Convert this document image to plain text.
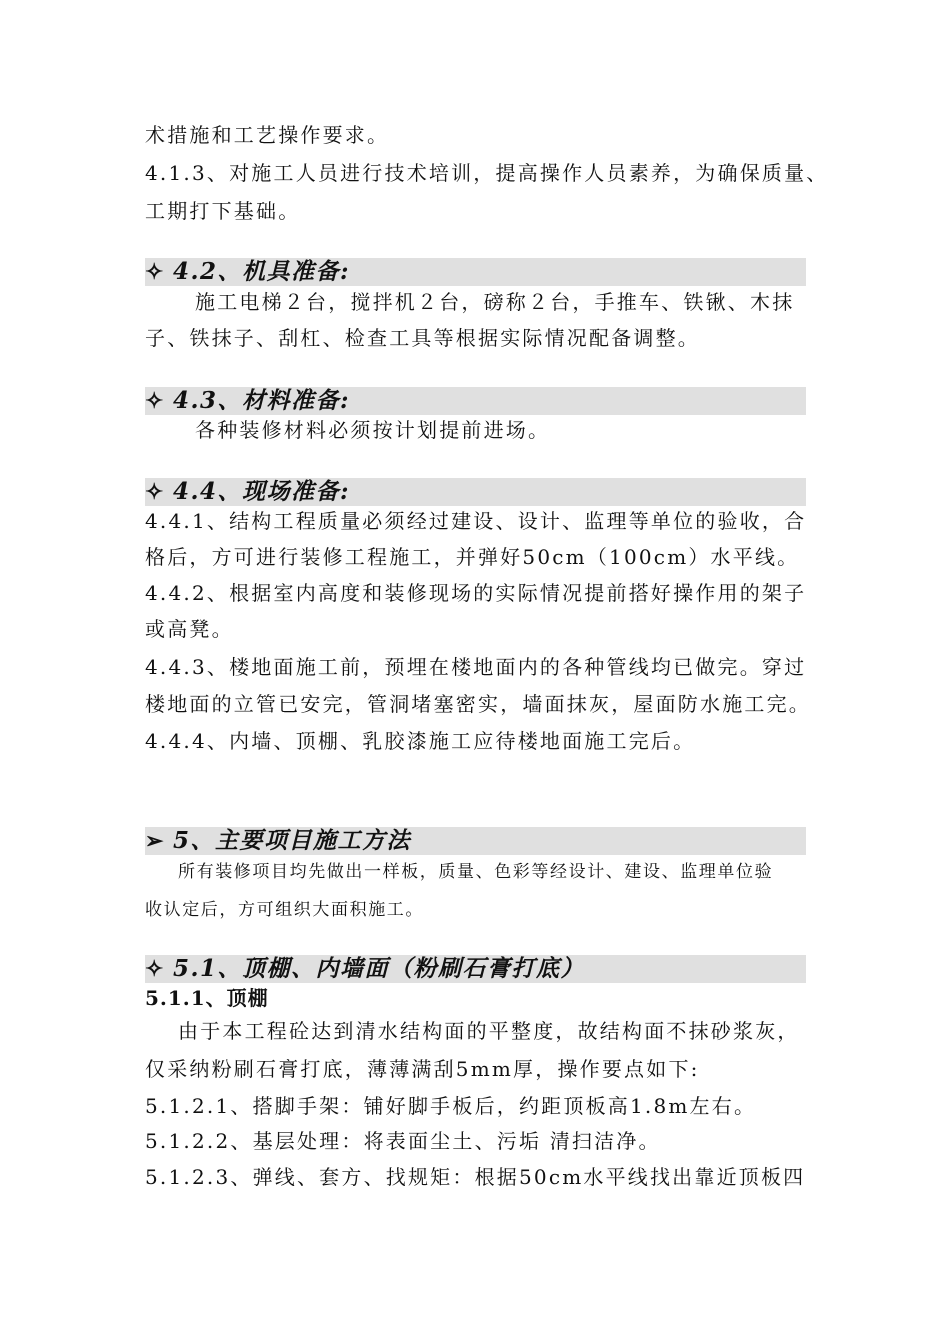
术措施和工艺操作要求。
4.1.3、对施工人员进行技术培训，提高操作人员素养，为确保质量、
工期打下基础。
✧ 4.2、机具准备:
施工电梯２台，搅拌机２台，磅称２台，手推车、铁锹、木抹
子、铁抹子、刮杠、检查工具等根据实际情况配备调整。
✧ 4.3、材料准备:
各种装修材料必须按计划提前进场。
✧ 4.4、现场准备:
4.4.1、结构工程质量必须经过建设、设计、监理等单位的验收，合
格后，方可进行装修工程施工，并弹好50cm（100cm）水平线。
4.4.2、根据室内高度和装修现场的实际情况提前搭好操作用的架子
或高凳。
4.4.3、楼地面施工前，预埋在楼地面内的各种管线均已做完。穿过
楼地面的立管已安完，管洞堵塞密实，墙面抹灰，屋面防水施工完。
4.4.4、内墙、顶棚、乳胶漆施工应待楼地面施工完后。
➢ 5、主要项目施工方法
所有装修项目均先做出一样板，质量、色彩等经设计、建设、监理单位验
收认定后，方可组织大面积施工。
✧ 5.1、顶棚、内墙面（粉刷石膏打底）
5.1.1、顶棚
由于本工程砼达到清水结构面的平整度，故结构面不抹砂浆灰，
仅采纳粉刷石膏打底，薄薄满刮5mm厚，操作要点如下:
5.1.2.1、搭脚手架：铺好脚手板后，约距顶板高1.8m左右。
5.1.2.2、基层处理：将表面尘土、污垢 清扫洁净。
5.1.2.3、弹线、套方、找规矩：根据50cm水平线找出靠近顶板四
